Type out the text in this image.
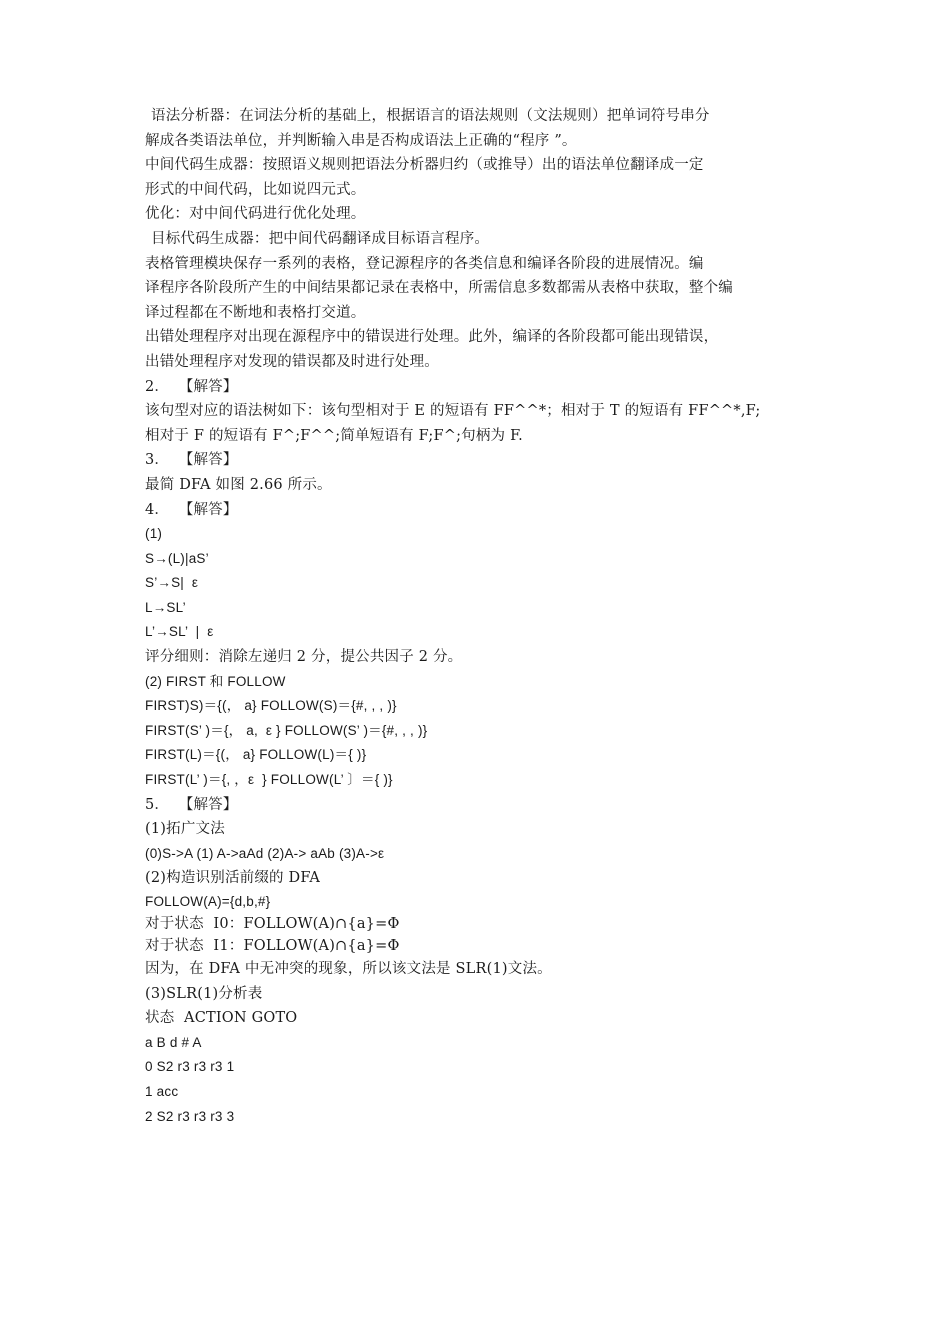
语法分析器：在词法分析的基础上，根据语言的语法规则（文法规则）把单词符号串分
解成各类语法单位，并判断输入串是否构成语法上正确的“程序 ”。
中间代码生成器：按照语义规则把语法分析器归约（或推导）出的语法单位翻译成一定
形式的中间代码，比如说四元式。
优化：对中间代码进行优化处理。
目标代码生成器：把中间代码翻译成目标语言程序。
表格管理模块保存一系列的表格，登记源程序的各类信息和编译各阶段的进展情况。编
译程序各阶段所产生的中间结果都记录在表格中，所需信息多数都需从表格中获取，整个编
译过程都在不断地和表格打交道。
出错处理程序对出现在源程序中的错误进行处理。此外，编译的各阶段都可能出现错误，
出错处理程序对发现的错误都及时进行处理。
2．  【解答】
该句型对应的语法树如下：该句型相对于 E 的短语有 FF^^*；相对于 T 的短语有 FF^^*,F;
相对于 F 的短语有 F^;F^^;简单短语有 F;F^;句柄为 F.
3．  【解答】
最简 DFA 如图 2.66 所示。
4．  【解答】
(1)
S→(L)|aS’
S’→S|  ε
L→SL’
L’→SL’  |  ε
评分细则：消除左递归 2 分，提公共因子 2 分。
(2) FIRST 和 FOLLOW
FIRST)S)＝{(， a} FOLLOW(S)＝{#, , , )}
FIRST(S’ )＝{， a,  ε } FOLLOW(S’ )＝{#, , , )}
FIRST(L)＝{(， a} FOLLOW(L)＝{ )}
FIRST(L’ )＝{, ，ε  } FOLLOW(L’ 〕＝{ )}
5．  【解答】
(1)拓广文法
(0)S->A (1) A->aAd (2)A-> aAb (3)A->ε
(2)构造识别活前缀的 DFA
FOLLOW(A)={d,b,#}
对于状态  I0：FOLLOW(A)∩{a}=Φ
对于状态  I1：FOLLOW(A)∩{a}=Φ
因为，在 DFA 中无冲突的现象，所以该文法是 SLR(1)文法。
(3)SLR(1)分析表
状态  ACTION GOTO
a B d # A
0 S2 r3 r3 r3 1
1 acc
2 S2 r3 r3 r3 3
